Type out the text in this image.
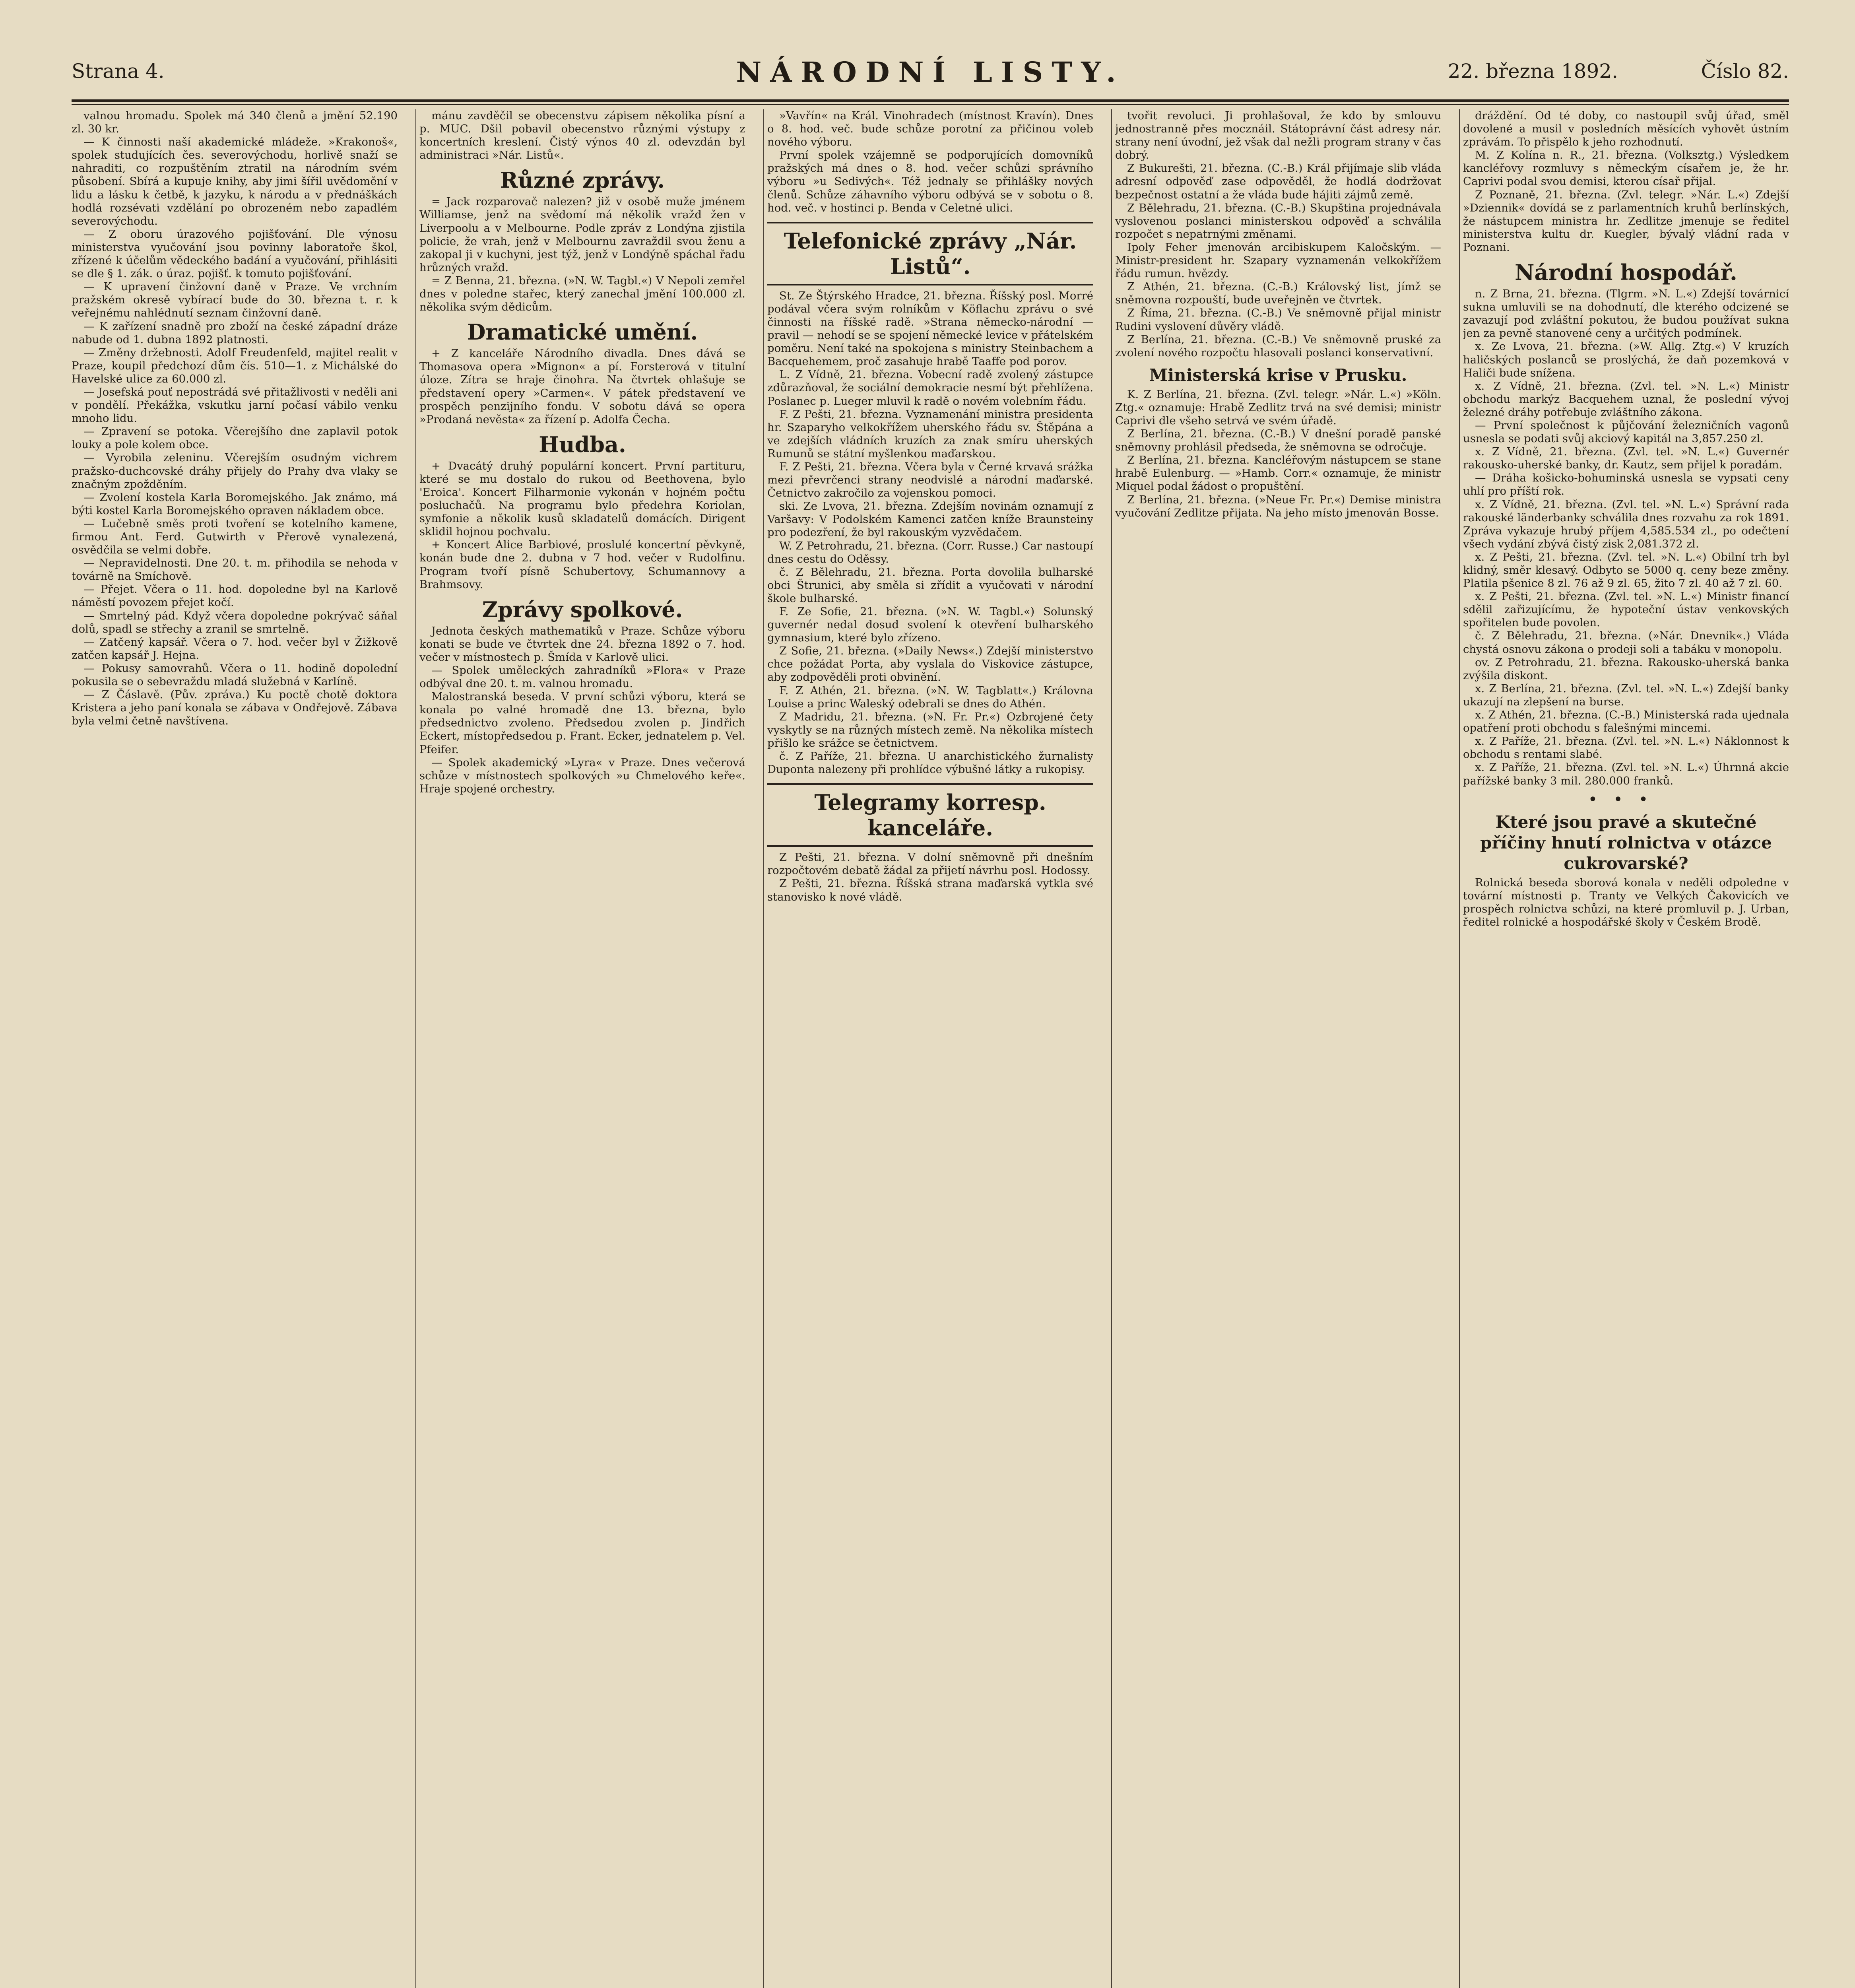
Strana 4.	NÁRODNÍ LISTY.	22. března 1892.	Číslo 82.

valnou hromadu. Spolek má 340 členů a jmění 52.190 zl. 30 kr.

— K činnosti naší akademické mládeže. »Krakonoš«, spolek studujících čes. severovýchodu, horlivě snaží se nahraditi, co rozpuštěním ztratil na národním svém působení. Sbírá a kupuje knihy, aby jimi šířil uvědomění v lidu a lásku k četbě, k jazyku, k národu a v přednáškách hodlá rozsévati vzdělání po obrozeném nebo zapadlém severovýchodu.

— Z oboru úrazového pojišťování. Dle výnosu ministerstva vyučování jsou povinny laboratoře škol, zřízené k účelům vědeckého badání a vyučování, přihlásiti se dle § 1. zák. o úraz. pojišť. k tomuto pojišťování.

— K upravení činžovní daně v Praze. Ve vrchním pražském okresě vybírací bude do 30. března t. r. k veřejnému nahlédnutí seznam činžovní daně.

— K zařízení snadně pro zboží na české západní dráze nabude od 1. dubna 1892 platnosti.

— Změny držebnosti. Adolf Freudenfeld, majitel realit v Praze, koupil předchozí dům čís. 510—1. z Michálské do Havelské ulice za 60.000 zl.

— Josefská pouť nepostrádá své přitažlivosti v neděli ani v pondělí. Překážka, vskutku jarní počasí vábilo venku mnoho lidu.

— Zpravení se potoka. Včerejšího dne zaplavil potok louky a pole kolem obce.

— Vyrobila zeleninu. Včerejším osudným vichrem pražsko-duchcovské dráhy přijely do Prahy dva vlaky se značným zpožděním.

— Zvolení kostela Karla Boromejského. Jak známo, má býti kostel Karla Boromejského opraven nákladem obce.

— Lučebně směs proti tvoření se kotelního kamene, firmou Ant. Ferd. Gutwirth v Přerově vynalezená, osvědčila se velmi dobře.

— Nepravidelnosti. Dne 20. t. m. přihodila se nehoda v továrně na Smíchově.

— Přejet. Včera o 11. hod. dopoledne byl na Karlově náměstí povozem přejet kočí.

— Smrtelný pád. Když včera dopoledne pokrývač sáňal dolů, spadl se střechy a zranil se smrtelně.

— Zatčený kapsář. Včera o 7. hod. večer byl v Žižkově zatčen kapsář J. Hejna.

— Pokusy samovrahů. Včera o 11. hodině dopolední pokusila se o sebevraždu mladá služebná v Karlíně.

— Z Čáslavě. (Pův. zpráva.) Ku poctě chotě doktora Kristera a jeho paní konala se zábava v Ondřejově. Zábava byla velmi četně navštívena.

mánu zavděčil se obecenstvu zápisem několika písní a p. MUC. Dšil pobavil obecenstvo různými výstupy z koncertních kreslení. Čistý výnos 40 zl. odevzdán byl administraci »Nár. Listů«.

Různé zprávy.

= Jack rozparovač nalezen? již v osobě muže jménem Williamse, jenž na svědomí má několik vražd žen v Liverpoolu a v Melbourne. Podle zpráv z Londýna zjistila policie, že vrah, jenž v Melbournu zavraždil svou ženu a zakopal ji v kuchyni, jest týž, jenž v Londýně spáchal řadu hrůzných vražd.

= Z Benna, 21. března. (»N. W. Tagbl.«) V Nepoli zemřel dnes v poledne stařec, který zanechal jmění 100.000 zl. několika svým dědicům.

Dramatické umění.

+ Z kanceláře Národního divadla. Dnes dává se Thomasova opera »Mignon« a pí. Forsterová v titulní úloze. Zítra se hraje činohra. Na čtvrtek ohlašuje se představení opery »Carmen«. V pátek představení ve prospěch penzijního fondu. V sobotu dává se opera »Prodaná nevěsta« za řízení p. Adolfa Čecha.

Hudba.

+ Dvacátý druhý populární koncert. První partituru, které se mu dostalo do rukou od Beethovena, bylo 'Eroica'. Koncert Filharmonie vykonán v hojném počtu posluchačů. Na programu bylo předehra Koriolan, symfonie a několik kusů skladatelů domácích. Dirigent sklidil hojnou pochvalu.

+ Koncert Alice Barbiové, proslulé koncertní pěvkyně, konán bude dne 2. dubna v 7 hod. večer v Rudolfinu. Program tvoří písně Schubertovy, Schumannovy a Brahmsovy.

Zprávy spolkové.

Jednota českých mathematiků v Praze. Schůze výboru konati se bude ve čtvrtek dne 24. března 1892 o 7. hod. večer v místnostech p. Šmída v Karlově ulici.

— Spolek uměleckých zahradníků »Flora« v Praze odbýval dne 20. t. m. valnou hromadu.

Malostranská beseda. V první schůzi výboru, která se konala po valné hromadě dne 13. března, bylo předsednictvo zvoleno. Předsedou zvolen p. Jindřich Eckert, místopředsedou p. Frant. Ecker, jednatelem p. Vel. Pfeifer.

— Spolek akademický »Lyra« v Praze. Dnes večerová schůze v místnostech spolkových »u Chmelového keře«. Hraje spojené orchestry.

»Vavřín« na Král. Vinohradech (místnost Kravín). Dnes o 8. hod. več. bude schůze porotní za přičinou voleb nového výboru.

První spolek vzájemně se podporujících domovníků pražských má dnes o 8. hod. večer schůzi správního výboru »u Sedivých«. Též jednaly se přihlášky nových členů. Schůze záhavního výboru odbývá se v sobotu o 8. hod. več. v hostinci p. Benda v Celetné ulici.

Telefonické zprávy „Nár. Listů“.

St. Ze Štýrského Hradce, 21. března. Říšský posl. Morré podával včera svým rolníkům v Köflachu zprávu o své činnosti na říšské radě. »Strana německo-národní — pravil — nehodí se se spojení německé levice v přátelském poměru. Není také na spokojena s ministry Steinbachem a Bacquehemem, proč zasahuje hrabě Taaffe pod porov.

L. Z Vídně, 21. března. Vobecní radě zvolený zástupce zdůrazňoval, že sociální demokracie nesmí být přehlížena. Poslanec p. Lueger mluvil k radě o novém volebním řádu.

F. Z Pešti, 21. března. Vyznamenání ministra presidenta hr. Szaparyho velkokřížem uherského řádu sv. Štěpána a ve zdejších vládních kruzích za znak smíru uherských Rumunů se státní myšlenkou maďarskou.

F. Z Pešti, 21. března. Včera byla v Černé krvavá srážka mezi převrčenci strany neodvislé a národní maďarské. Četnictvo zakročilo za vojenskou pomoci.

ski. Ze Lvova, 21. března. Zdejším novinám oznamují z Varšavy: V Podolském Kamenci zatčen kníže Braunsteiny pro podezření, že byl rakouským vyzvědačem.

W. Z Petrohradu, 21. března. (Corr. Russe.) Car nastoupí dnes cestu do Oděssy.

č. Z Bělehradu, 21. března. Porta dovolila bulharské obci Štrunici, aby směla si zřídit a vyučovati v národní škole bulharské.

F. Ze Sofie, 21. března. (»N. W. Tagbl.«) Solunský guvernér nedal dosud svolení k otevření bulharského gymnasium, které bylo zřízeno.

Z Sofie, 21. března. (»Daily News«.) Zdejší ministerstvo chce požádat Porta, aby vyslala do Viskovice zástupce, aby zodpověděli proti obvinění.

F. Z Athén, 21. března. (»N. W. Tagblatt«.) Královna Louise a princ Waleský odebrali se dnes do Athén.

Z Madridu, 21. března. (»N. Fr. Pr.«) Ozbrojené čety vyskytly se na různých místech země. Na několika místech přišlo ke srážce se četnictvem.

č. Z Paříže, 21. března. U anarchistického žurnalisty Duponta nalezeny při prohlídce výbušné látky a rukopisy.

Telegramy korresp. kanceláře.

Z Pešti, 21. března. V dolní sněmovně při dnešním rozpočtovém debatě žádal za přijetí návrhu posl. Hodossy.

Z Pešti, 21. března. Říšská strana maďarská vytkla své stanovisko k nové vládě.

tvořit revoluci. Ji prohlašoval, že kdo by smlouvu jednostranně přes mocznáil. Státoprávní část adresy nár. strany není úvodní, jež však dal nežli program strany v čas dobrý.

Z Bukurešti, 21. března. (C.-B.) Král přijímaje slib vláda adresní odpověď zase odpověděl, že hodlá dodržovat bezpečnost ostatní a že vláda bude hájiti zájmů země.

Z Bělehradu, 21. března. (C.-B.) Skupština projednávala vyslovenou poslanci ministerskou odpověď a schválila rozpočet s nepatrnými změnami.

Ipoly Feher jmenován arcibiskupem Kaločským. — Ministr-president hr. Szapary vyznamenán velkokřížem řádu rumun. hvězdy.

Z Athén, 21. března. (C.-B.) Královský list, jímž se sněmovna rozpouští, bude uveřejněn ve čtvrtek.

Z Říma, 21. března. (C.-B.) Ve sněmovně přijal ministr Rudini vyslovení důvěry vládě.

Z Berlína, 21. března. (C.-B.) Ve sněmovně pruské za zvolení nového rozpočtu hlasovali poslanci konservativní.

Ministerská krise v Prusku.

K. Z Berlína, 21. března. (Zvl. telegr. »Nár. L.«) »Köln. Ztg.« oznamuje: Hrabě Zedlitz trvá na své demisi; ministr Caprivi dle všeho setrvá ve svém úřadě.

Z Berlína, 21. března. (C.-B.) V dnešní poradě panské sněmovny prohlásil předseda, že sněmovna se odročuje.

Z Berlína, 21. března. Kancléřovým nástupcem se stane hrabě Eulenburg. — »Hamb. Corr.« oznamuje, že ministr Miquel podal žádost o propuštění.

Z Berlína, 21. března. (»Neue Fr. Pr.«) Demise ministra vyučování Zedlitze přijata. Na jeho místo jmenován Bosse.

dráždění. Od té doby, co nastoupil svůj úřad, směl dovolené a musil v posledních měsících vyhovět ústním zprávám. To přispělo k jeho rozhodnutí.

M. Z Kolína n. R., 21. března. (Volksztg.) Výsledkem kancléřovy rozmluvy s německým císařem je, že hr. Caprivi podal svou demisi, kterou císař přijal.

Z Poznaně, 21. března. (Zvl. telegr. »Nár. L.«) Zdejší »Dziennik« dovídá se z parlamentních kruhů berlínských, že nástupcem ministra hr. Zedlitze jmenuje se ředitel ministerstva kultu dr. Kuegler, bývalý vládní rada v Poznani.

Národní hospodář.

n. Z Brna, 21. března. (Tlgrm. »N. L.«) Zdejší továrnicí sukna umluvili se na dohodnutí, dle kterého odcizené se zavazují pod zvláštní pokutou, že budou používat sukna jen za pevně stanovené ceny a určitých podmínek.

x. Ze Lvova, 21. března. (»W. Allg. Ztg.«) V kruzích haličských poslanců se proslýchá, že daň pozemková v Haliči bude snížena.

x. Z Vídně, 21. března. (Zvl. tel. »N. L.«) Ministr obchodu markýz Bacquehem uznal, že poslední vývoj železné dráhy potřebuje zvláštního zákona.

— První společnost k půjčování železničních vagonů usnesla se podati svůj akciový kapitál na 3,857.250 zl.

x. Z Vídně, 21. března. (Zvl. tel. »N. L.«) Guvernér rakousko-uherské banky, dr. Kautz, sem přijel k poradám.

— Dráha košicko-bohuminská usnesla se vypsati ceny uhlí pro příští rok.

x. Z Vídně, 21. března. (Zvl. tel. »N. L.«) Správní rada rakouské länderbanky schválila dnes rozvahu za rok 1891. Zpráva vykazuje hrubý příjem 4,585.534 zl., po odečtení všech vydání zbývá čistý zisk 2,081.372 zl.

x. Z Pešti, 21. března. (Zvl. tel. »N. L.«) Obilní trh byl klidný, směr klesavý. Odbyto se 5000 q. ceny beze změny. Platila pšenice 8 zl. 76 až 9 zl. 65, žito 7 zl. 40 až 7 zl. 60.

x. Z Pešti, 21. března. (Zvl. tel. »N. L.«) Ministr financí sdělil zařizujícímu, že hypoteční ústav venkovských spořitelen bude povolen.

č. Z Bělehradu, 21. března. (»Nár. Dnevnik«.) Vláda chystá osnovu zákona o prodeji soli a tabáku v monopolu.

ov. Z Petrohradu, 21. března. Rakousko-uherská banka zvýšila diskont.

x. Z Berlína, 21. března. (Zvl. tel. »N. L.«) Zdejší banky ukazují na zlepšení na burse.

x. Z Athén, 21. března. (C.-B.) Ministerská rada ujednala opatření proti obchodu s falešnými mincemi.

x. Z Paříže, 21. března. (Zvl. tel. »N. L.«) Náklonnost k obchodu s rentami slabé.

x. Z Paříže, 21. března. (Zvl. tel. »N. L.«) Úhrnná akcie pařížské banky 3 mil. 280.000 franků.

•••
Které jsou pravé a skutečné příčiny hnutí rolnictva v otázce cukrovarské?

Rolnická beseda sborová konala v neděli odpoledne v tovární místnosti p. Tranty ve Velkých Čakovicích ve prospěch rolnictva schůzi, na které promluvil p. J. Urban, ředitel rolnické a hospodářské školy v Českém Brodě.
